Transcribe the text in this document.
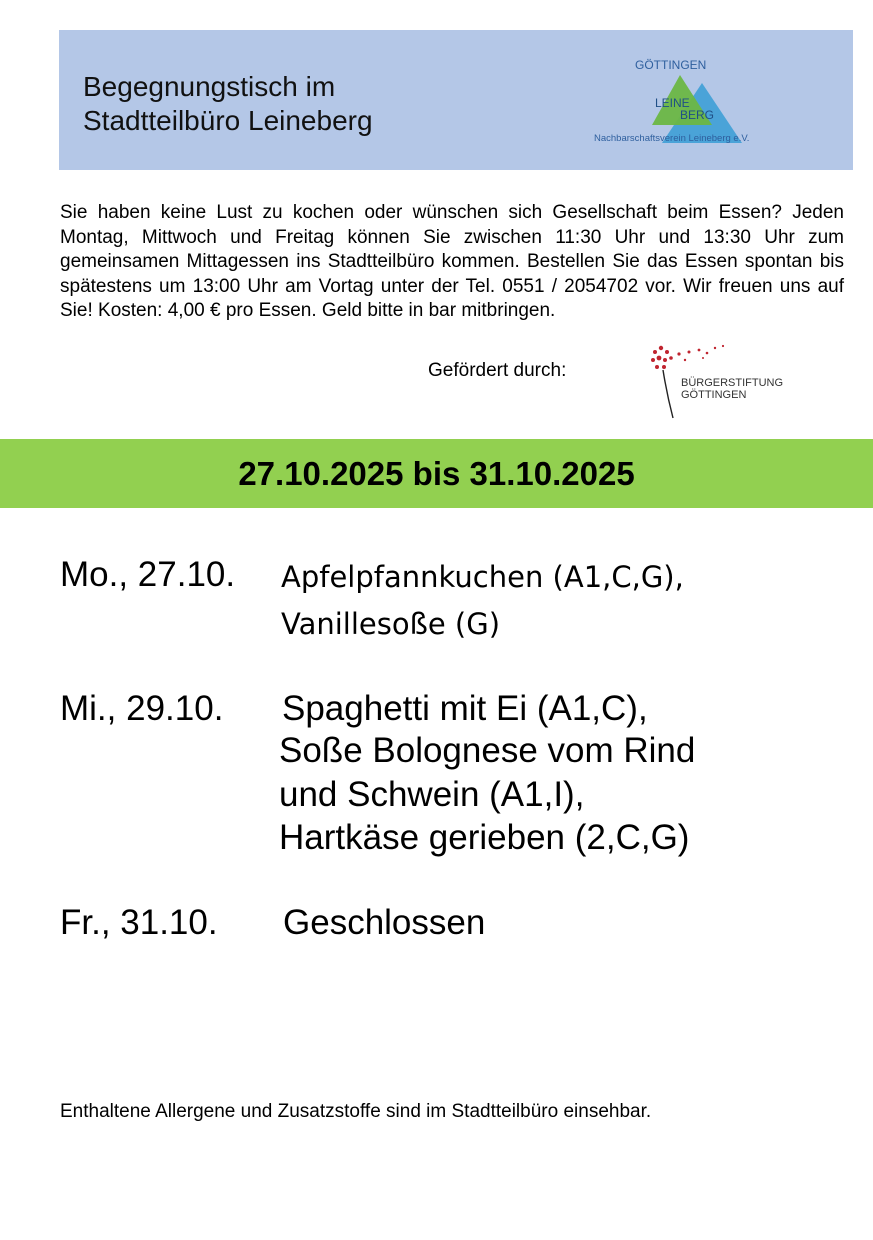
Begegnungstisch im
Stadtteilbüro Leineberg
GÖTTINGEN
LEINE
BERG
Nachbarschaftsverein Leineberg e.V.
Sie haben keine Lust zu kochen oder wünschen sich Gesellschaft beim Essen? Jeden Montag, Mittwoch und Freitag können Sie zwischen 11:30 Uhr und 13:30 Uhr zum gemeinsamen Mittagessen ins Stadtteilbüro kommen. Bestellen Sie das Essen spontan bis spätestens um 13:00 Uhr am Vortag unter der Tel. 0551 / 2054702 vor. Wir freuen uns auf Sie! Kosten: 4,00 € pro Essen. Geld bitte in bar mitbringen.
Gefördert durch:
BÜRGERSTIFTUNG
GÖTTINGEN
27.10.2025 bis 31.10.2025
Mo., 27.10. Apfelpfannkuchen (A1,C,G),
Vanillesoße (G)
Mi., 29.10. Spaghetti mit Ei (A1,C),
Soße Bolognese vom Rind
und Schwein (A1,I),
Hartkäse gerieben (2,C,G)
Fr., 31.10. Geschlossen
Enthaltene Allergene und Zusatzstoffe sind im Stadtteilbüro einsehbar.
